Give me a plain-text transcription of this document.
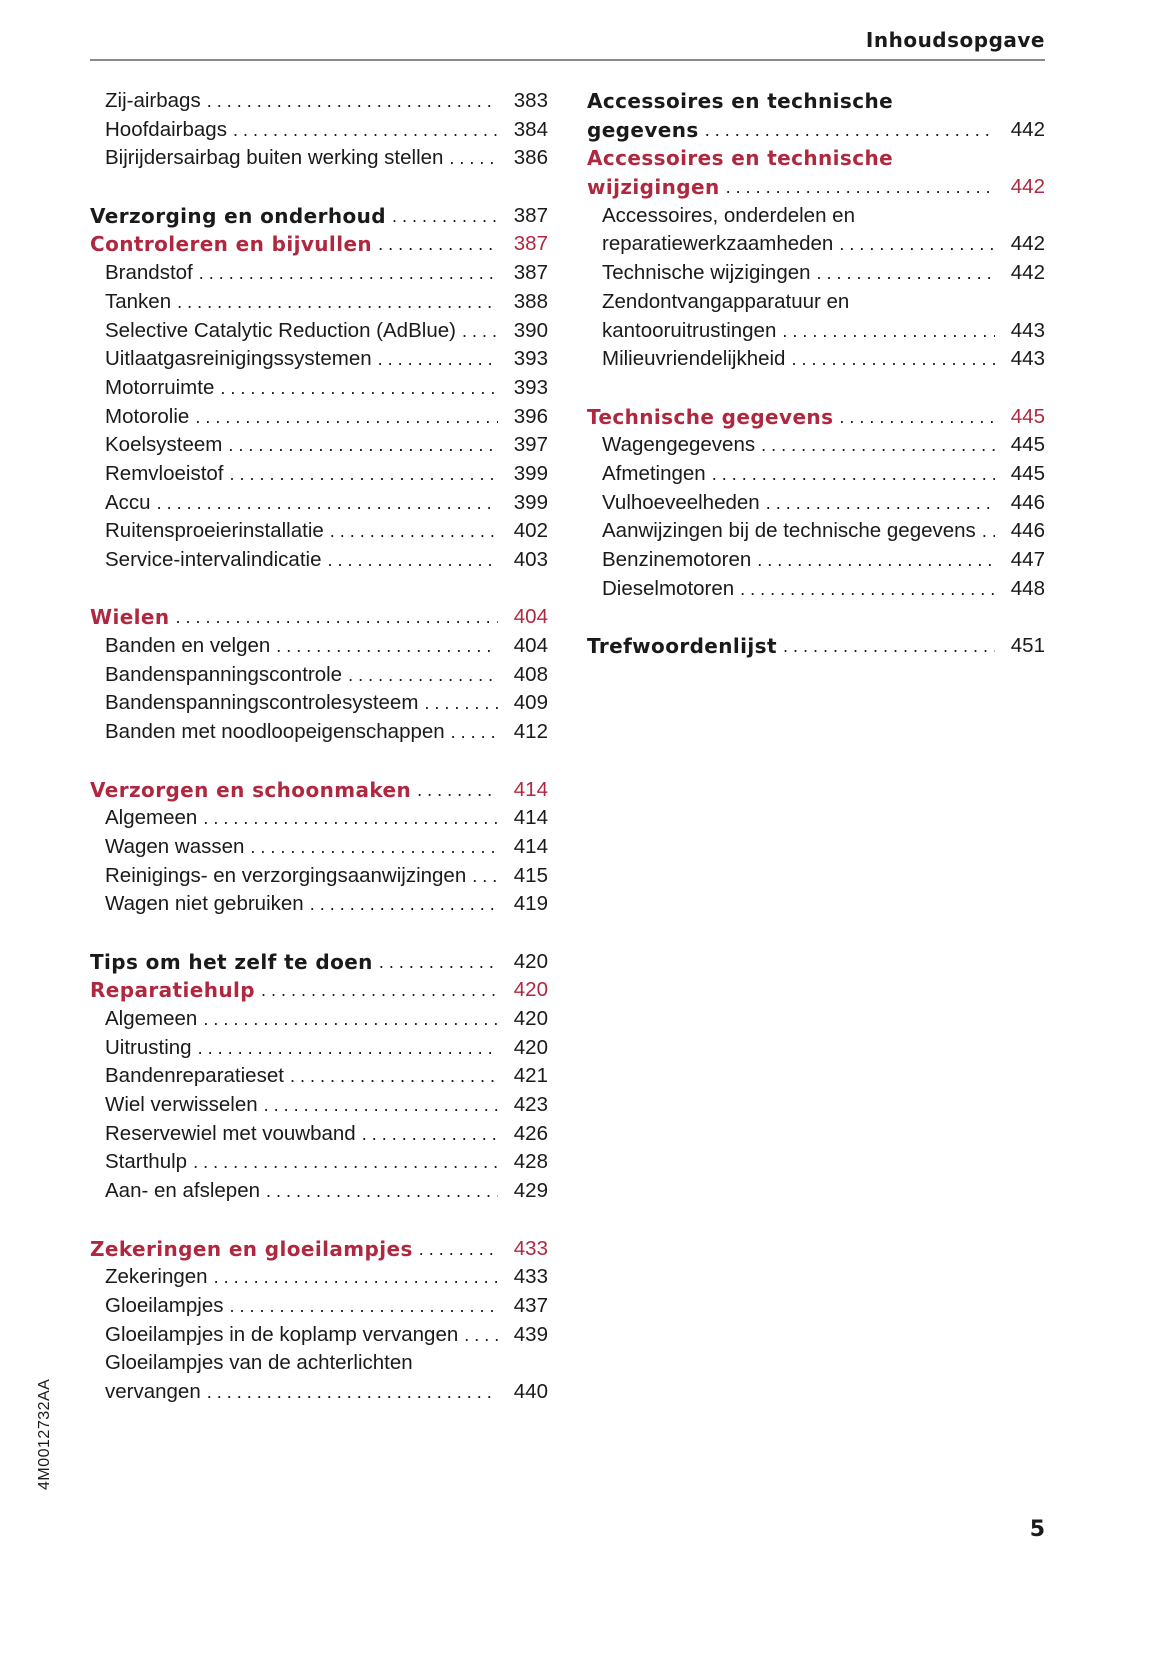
Inhoudsopgave
Zij-airbags . . .	383
Hoofdairbags . . .	384
Bijrijdersairbag buiten werking stellen . . .	386
Verzorging en onderhoud . . .	387
Controleren en bijvullen . . .	387
Brandstof . . .	387
Tanken . . .	388
Selective Catalytic Reduction (AdBlue) . . .	390
Uitlaatgasreinigingssystemen . . .	393
Motorruimte . . .	393
Motorolie . . .	396
Koelsysteem . . .	397
Remvloeistof . . .	399
Accu . . .	399
Ruitensproeierinstallatie . . .	402
Service-intervalindicatie . . .	403
Wielen . . .	404
Banden en velgen . . .	404
Bandenspanningscontrole . . .	408
Bandenspanningscontrolesysteem . . .	409
Banden met noodloopeigenschappen . . .	412
Verzorgen en schoonmaken . . .	414
Algemeen . . .	414
Wagen wassen . . .	414
Reinigings- en verzorgingsaanwijzingen . . .	415
Wagen niet gebruiken . . .	419
Tips om het zelf te doen . . .	420
Reparatiehulp . . .	420
Algemeen . . .	420
Uitrusting . . .	420
Bandenreparatieset . . .	421
Wiel verwisselen . . .	423
Reservewiel met vouwband . . .	426
Starthulp . . .	428
Aan- en afslepen . . .	429
Zekeringen en gloeilampjes . . .	433
Zekeringen . . .	433
Gloeilampjes . . .	437
Gloeilampjes in de koplamp vervangen . . .	439
Gloeilampjes van de achterlichten
vervangen . . .	440
Accessoires en technische
gegevens . . .	442
Accessoires en technische
wijzigingen . . .	442
Accessoires, onderdelen en
reparatiewerkzaamheden . . .	442
Technische wijzigingen . . .	442
Zendontvangapparatuur en
kantooruitrustingen . . .	443
Milieuvriendelijkheid . . .	443
Technische gegevens . . .	445
Wagengegevens . . .	445
Afmetingen . . .	445
Vulhoeveelheden . . .	446
Aanwijzingen bij de technische gegevens . . .	446
Benzinemotoren . . .	447
Dieselmotoren . . .	448
Trefwoordenlijst . . .	451
4M0012732AA
5
